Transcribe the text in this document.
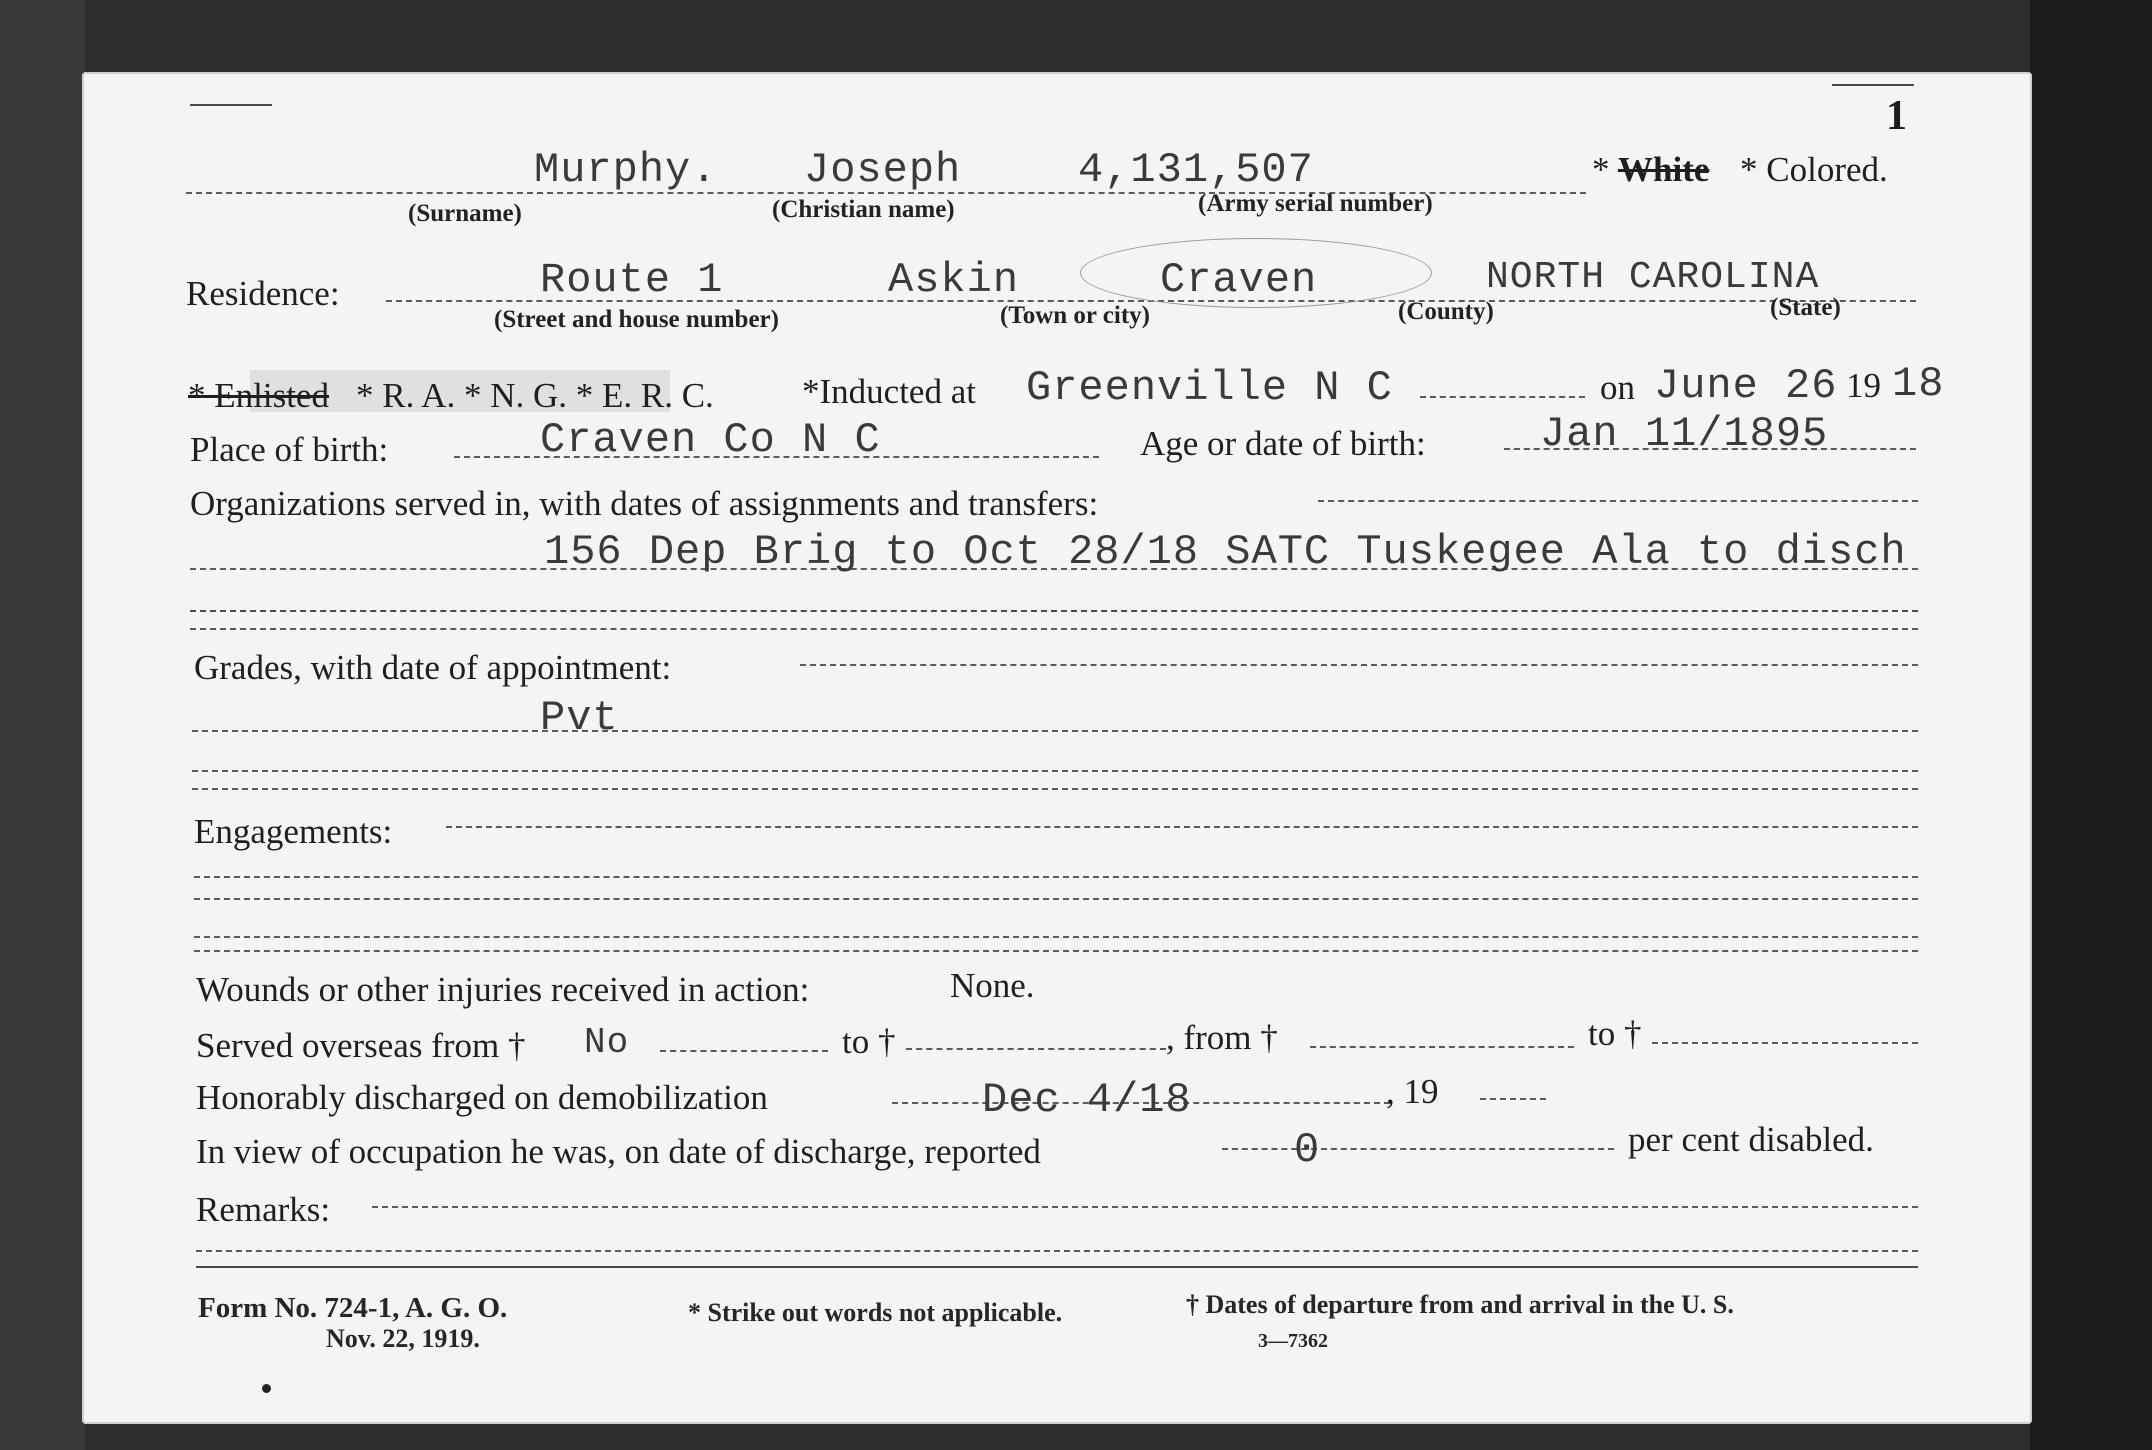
1
Murphy. Joseph	4,131,507	* White * Colored.
(Surname)	(Christian name)	(Army serial number)
Residence:	Route 1	Askin	Craven	NORTH CAROLINA
(Street and house number)	(Town or city)	(County)	(State)
* Enlisted * R. A. * N. G. * E. R. C.	*Inducted at Greenville N C	on June 26 19 18
Place of birth:	Craven Co N C	Age or date of birth:	Jan 11/1895
Organizations served in, with dates of assignments and transfers:
156 Dep Brig to Oct 28/18 SATC Tuskegee Ala to disch
Grades, with date of appointment:
Pvt
Engagements:
Wounds or other injuries received in action:	None.
Served overseas from † No	to †	, from †	to †
Honorably discharged on demobilization	Dec 4/18	, 19
In view of occupation he was, on date of discharge, reported	0	per cent disabled.
Remarks:
Form No. 724-1, A. G. O.
Nov. 22, 1919.
* Strike out words not applicable.	† Dates of departure from and arrival in the U. S.
3—7362
